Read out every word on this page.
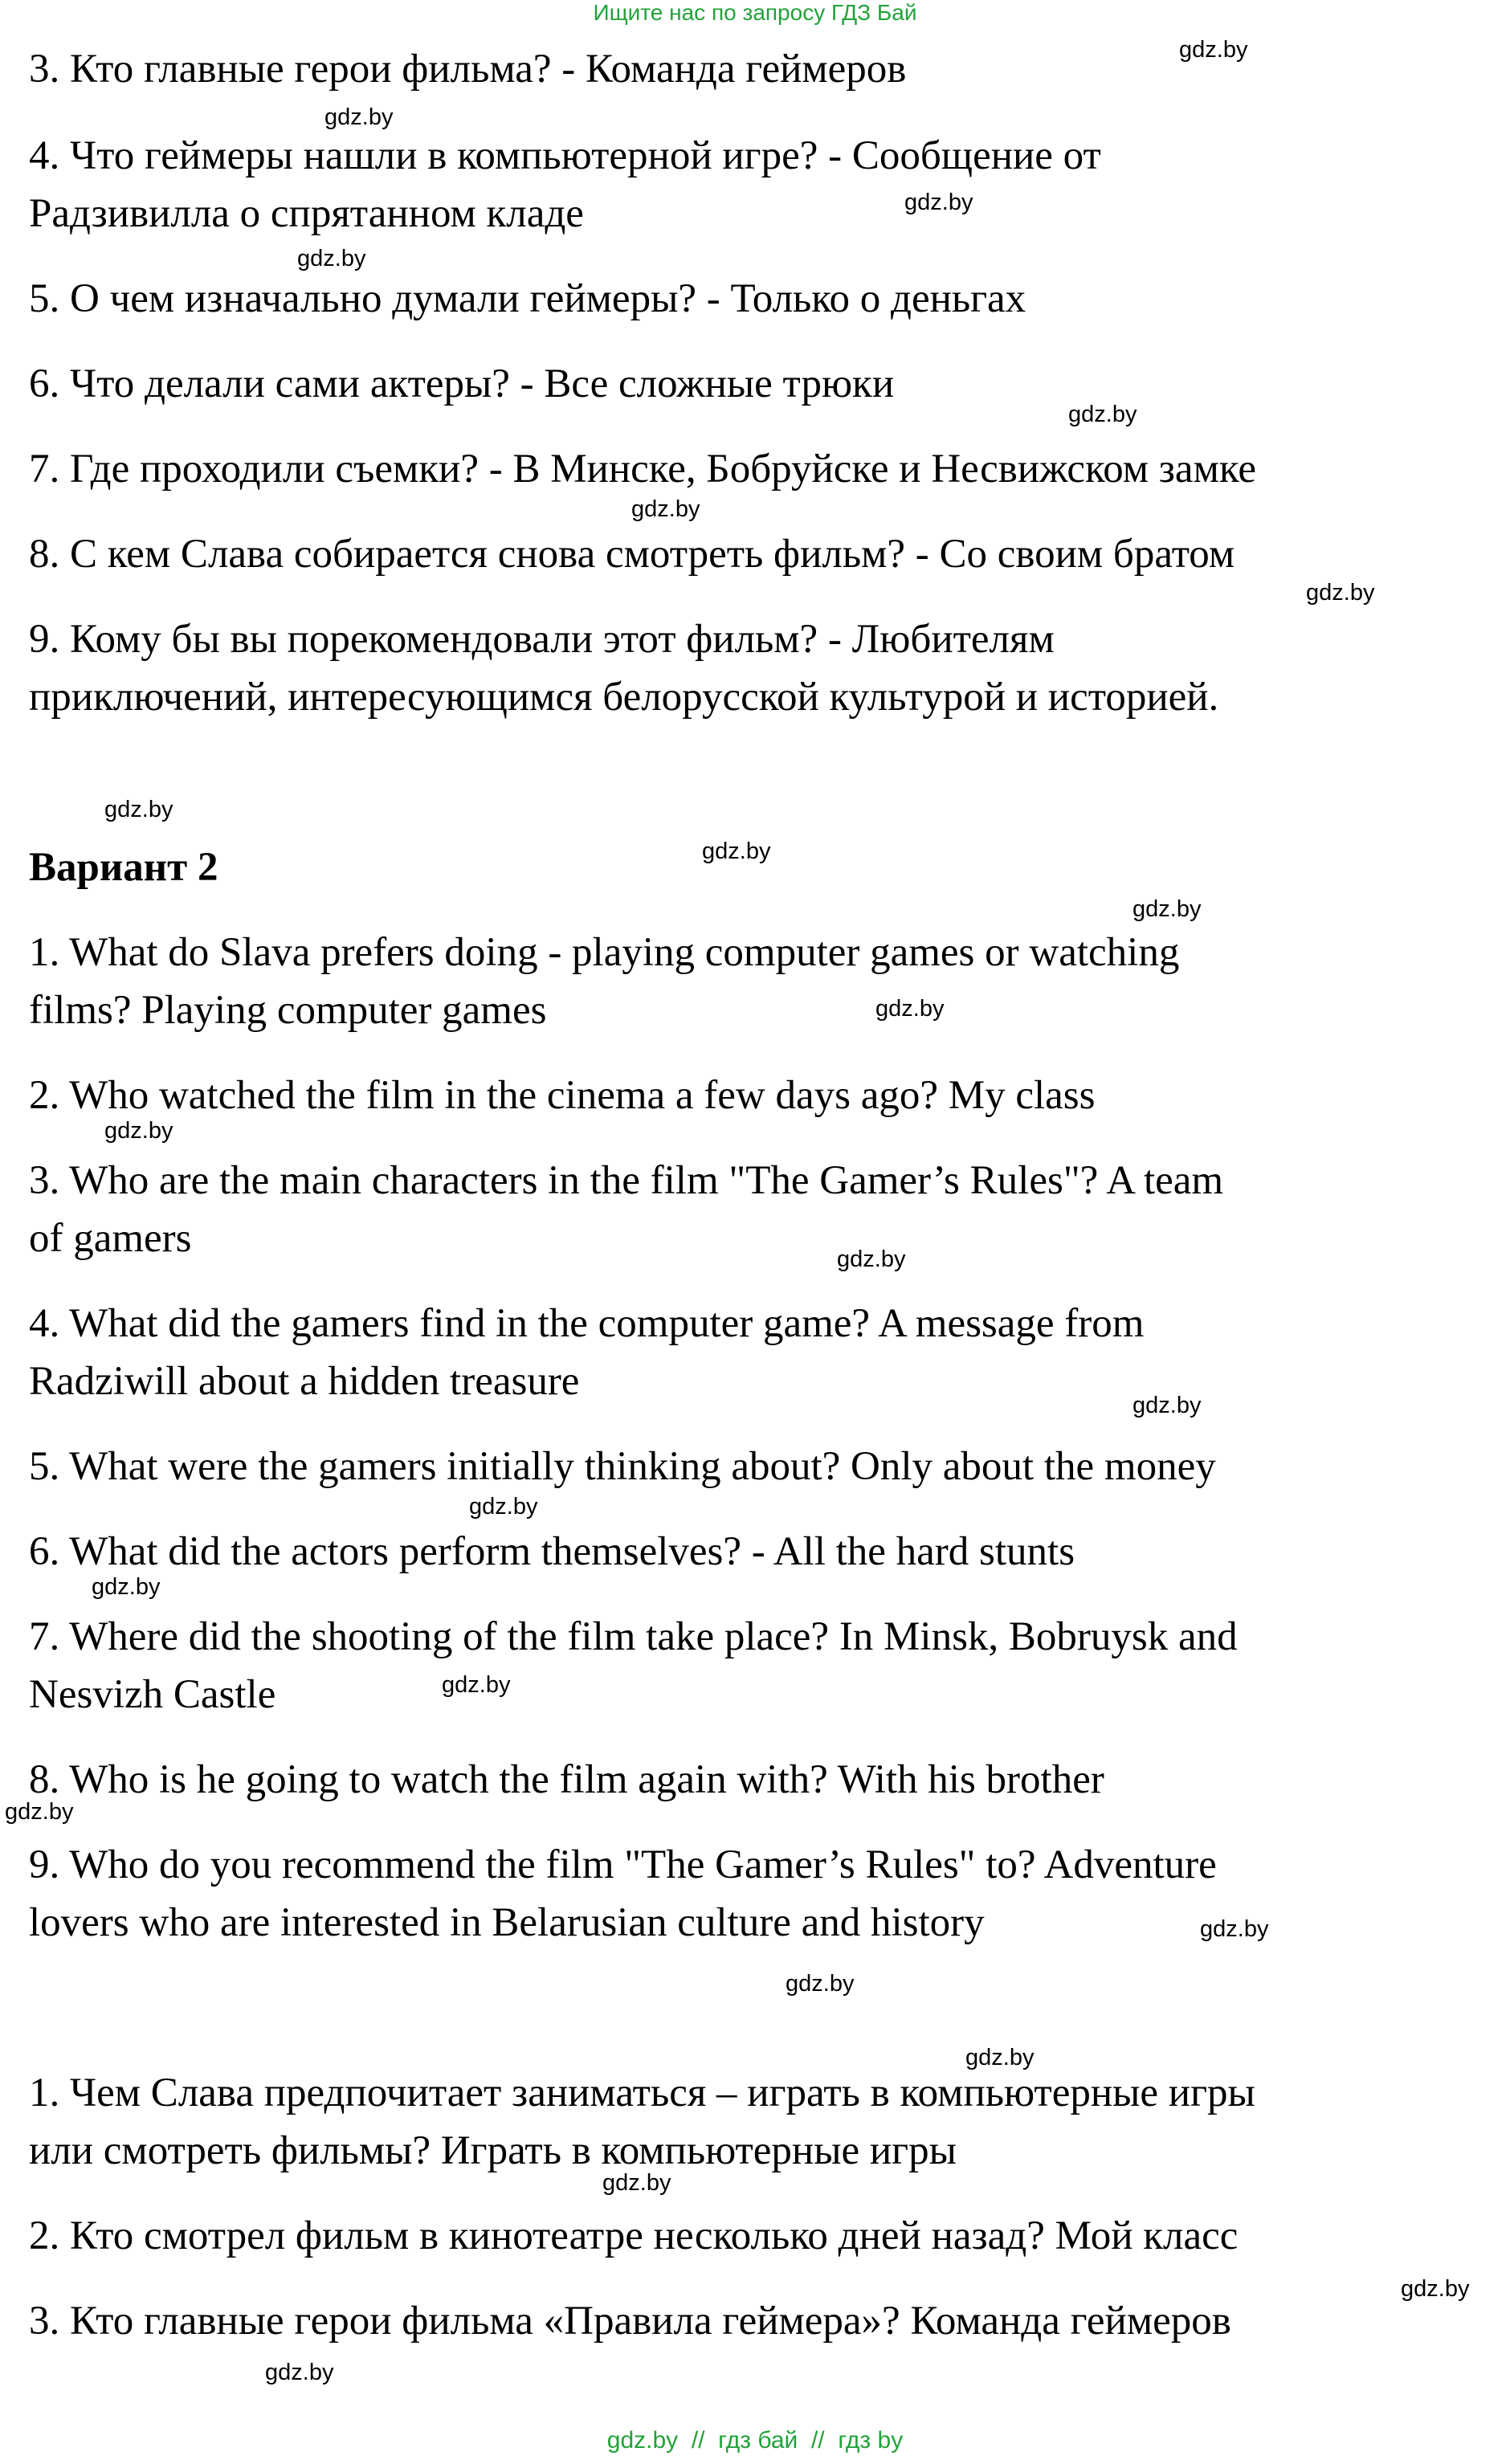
Ищите нас по запросу ГДЗ Бай
3. Кто главные герои фильма? - Команда геймеров
4. Что геймеры нашли в компьютерной игре? - Сообщение от
Радзивилла о спрятанном кладе
5. О чем изначально думали геймеры? - Только о деньгах
6. Что делали сами актеры? - Все сложные трюки
7. Где проходили съемки? - В Минске, Бобруйске и Несвижском замке
8. С кем Слава собирается снова смотреть фильм? - Со своим братом
9. Кому бы вы порекомендовали этот фильм? - Любителям
приключений, интересующимся белорусской культурой и историей.
Вариант 2
1. What do Slava prefers doing - playing computer games or watching
films? Playing computer games
2. Who watched the film in the cinema a few days ago? My class
3. Who are the main characters in the film "The Gamer’s Rules"? A team
of gamers
4. What did the gamers find in the computer game? A message from
Radziwill about a hidden treasure
5. What were the gamers initially thinking about? Only about the money
6. What did the actors perform themselves? - All the hard stunts
7. Where did the shooting of the film take place? In Minsk, Bobruysk and
Nesvizh Castle
8. Who is he going to watch the film again with? With his brother
9. Who do you recommend the film "The Gamer’s Rules" to? Adventure
lovers who are interested in Belarusian culture and history
1. Чем Слава предпочитает заниматься – играть в компьютерные игры
или смотреть фильмы? Играть в компьютерные игры
2. Кто смотрел фильм в кинотеатре несколько дней назад? Мой класс
3. Кто главные герои фильма «Правила геймера»? Команда геймеров
gdz.by
gdz.by
gdz.by
gdz.by
gdz.by
gdz.by
gdz.by
gdz.by
gdz.by
gdz.by
gdz.by
gdz.by
gdz.by
gdz.by
gdz.by
gdz.by
gdz.by
gdz.by
gdz.by
gdz.by
gdz.by
gdz.by
gdz.by
gdz.by
gdz.by  //  гдз бай  //  гдз by
